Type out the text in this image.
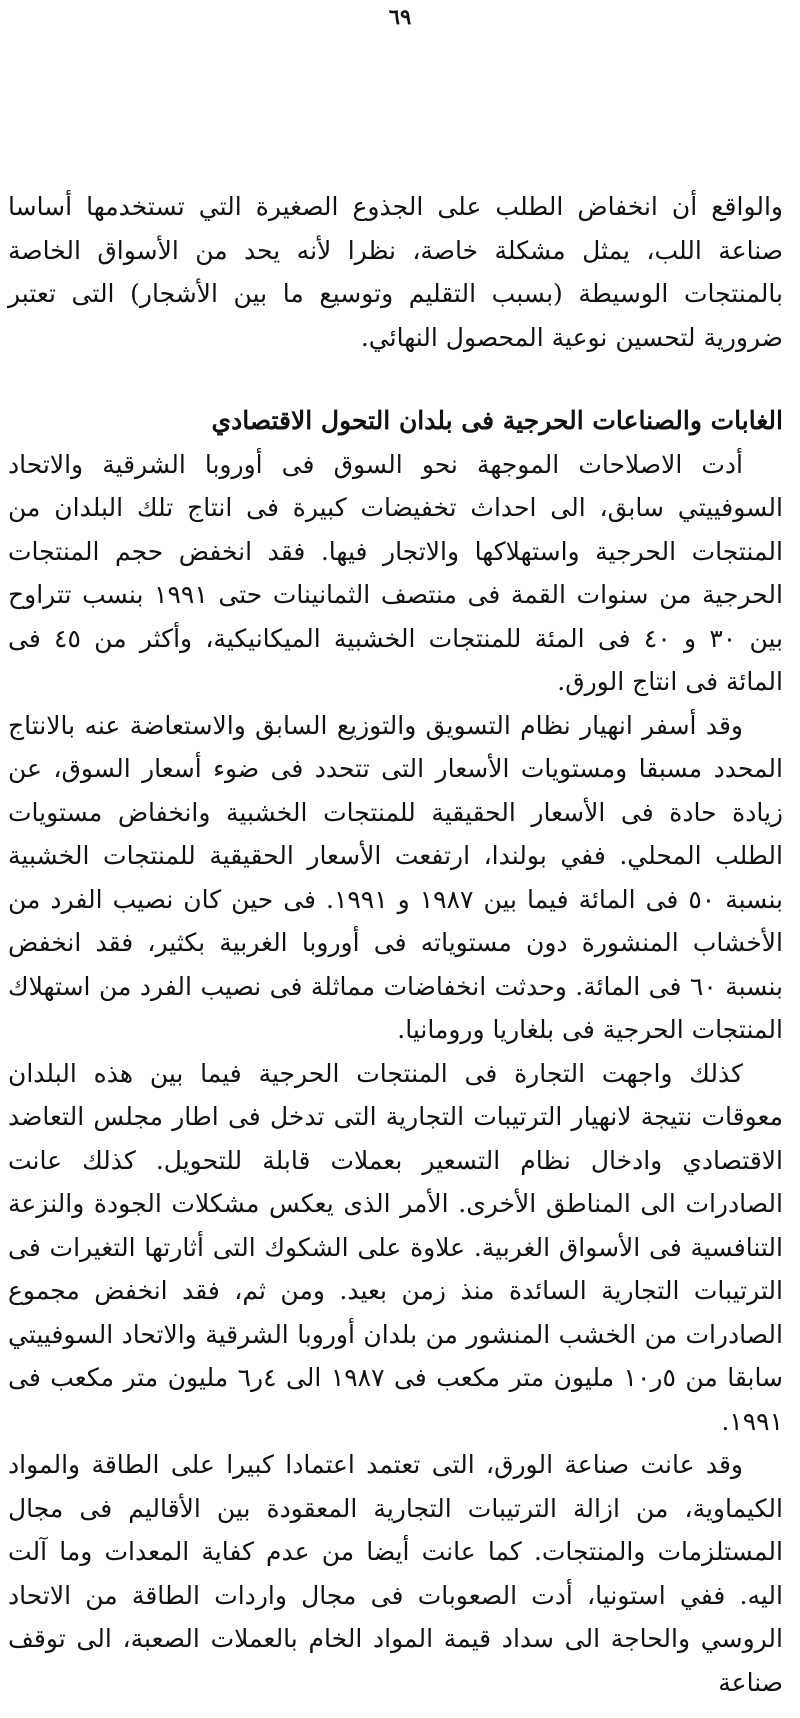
٦٩

والواقع أن انخفاض الطلب على الجذوع الصغيرة التي تستخدمها أساسا صناعة اللب، يمثل مشكلة خاصة، نظرا لأنه يحد من الأسواق الخاصة بالمنتجات الوسيطة (بسبب التقليم وتوسيع ما بين الأشجار) التى تعتبر ضرورية لتحسين نوعية المحصول النهائي.

الغابات والصناعات الحرجية فى بلدان التحول الاقتصادي

أدت الاصلاحات الموجهة نحو السوق فى أوروبا الشرقية والاتحاد السوفييتي سابق، الى احداث تخفيضات كبيرة فى انتاج تلك البلدان من المنتجات الحرجية واستهلاكها والاتجار فيها. فقد انخفض حجم المنتجات الحرجية من سنوات القمة فى منتصف الثمانينات حتى ١٩٩١ بنسب تتراوح بين ٣٠ و ٤٠ فى المئة للمنتجات الخشبية الميكانيكية، وأكثر من ٤٥ فى المائة فى انتاج الورق.

وقد أسفر انهيار نظام التسويق والتوزيع السابق والاستعاضة عنه بالانتاج المحدد مسبقا ومستويات الأسعار التى تتحدد فى ضوء أسعار السوق، عن زيادة حادة فى الأسعار الحقيقية للمنتجات الخشبية وانخفاض مستويات الطلب المحلي. ففي بولندا، ارتفعت الأسعار الحقيقية للمنتجات الخشبية بنسبة ٥٠ فى المائة فيما بين ١٩٨٧ و ١٩٩١. فى حين كان نصيب الفرد من الأخشاب المنشورة دون مستوياته فى أوروبا الغربية بكثير، فقد انخفض بنسبة ٦٠ فى المائة. وحدثت انخفاضات مماثلة فى نصيب الفرد من استهلاك المنتجات الحرجية فى بلغاريا ورومانيا.

كذلك واجهت التجارة فى المنتجات الحرجية فيما بين هذه البلدان معوقات نتيجة لانهيار الترتيبات التجارية التى تدخل فى اطار مجلس التعاضد الاقتصادي وادخال نظام التسعير بعملات قابلة للتحويل. كذلك عانت الصادرات الى المناطق الأخرى. الأمر الذى يعكس مشكلات الجودة والنزعة التنافسية فى الأسواق الغربية. علاوة على الشكوك التى أثارتها التغيرات فى الترتيبات التجارية السائدة منذ زمن بعيد. ومن ثم، فقد انخفض مجموع الصادرات من الخشب المنشور من بلدان أوروبا الشرقية والاتحاد السوفييتي سابقا من ٥ر١٠ مليون متر مكعب فى ١٩٨٧ الى ٤ر٦ مليون متر مكعب فى ١٩٩١.

وقد عانت صناعة الورق، التى تعتمد اعتمادا كبيرا على الطاقة والمواد الكيماوية، من ازالة الترتيبات التجارية المعقودة بين الأقاليم فى مجال المستلزمات والمنتجات. كما عانت أيضا من عدم كفاية المعدات وما آلت اليه. ففي استونيا، أدت الصعوبات فى مجال واردات الطاقة من الاتحاد الروسي والحاجة الى سداد قيمة المواد الخام بالعملات الصعبة، الى توقف صناعة
